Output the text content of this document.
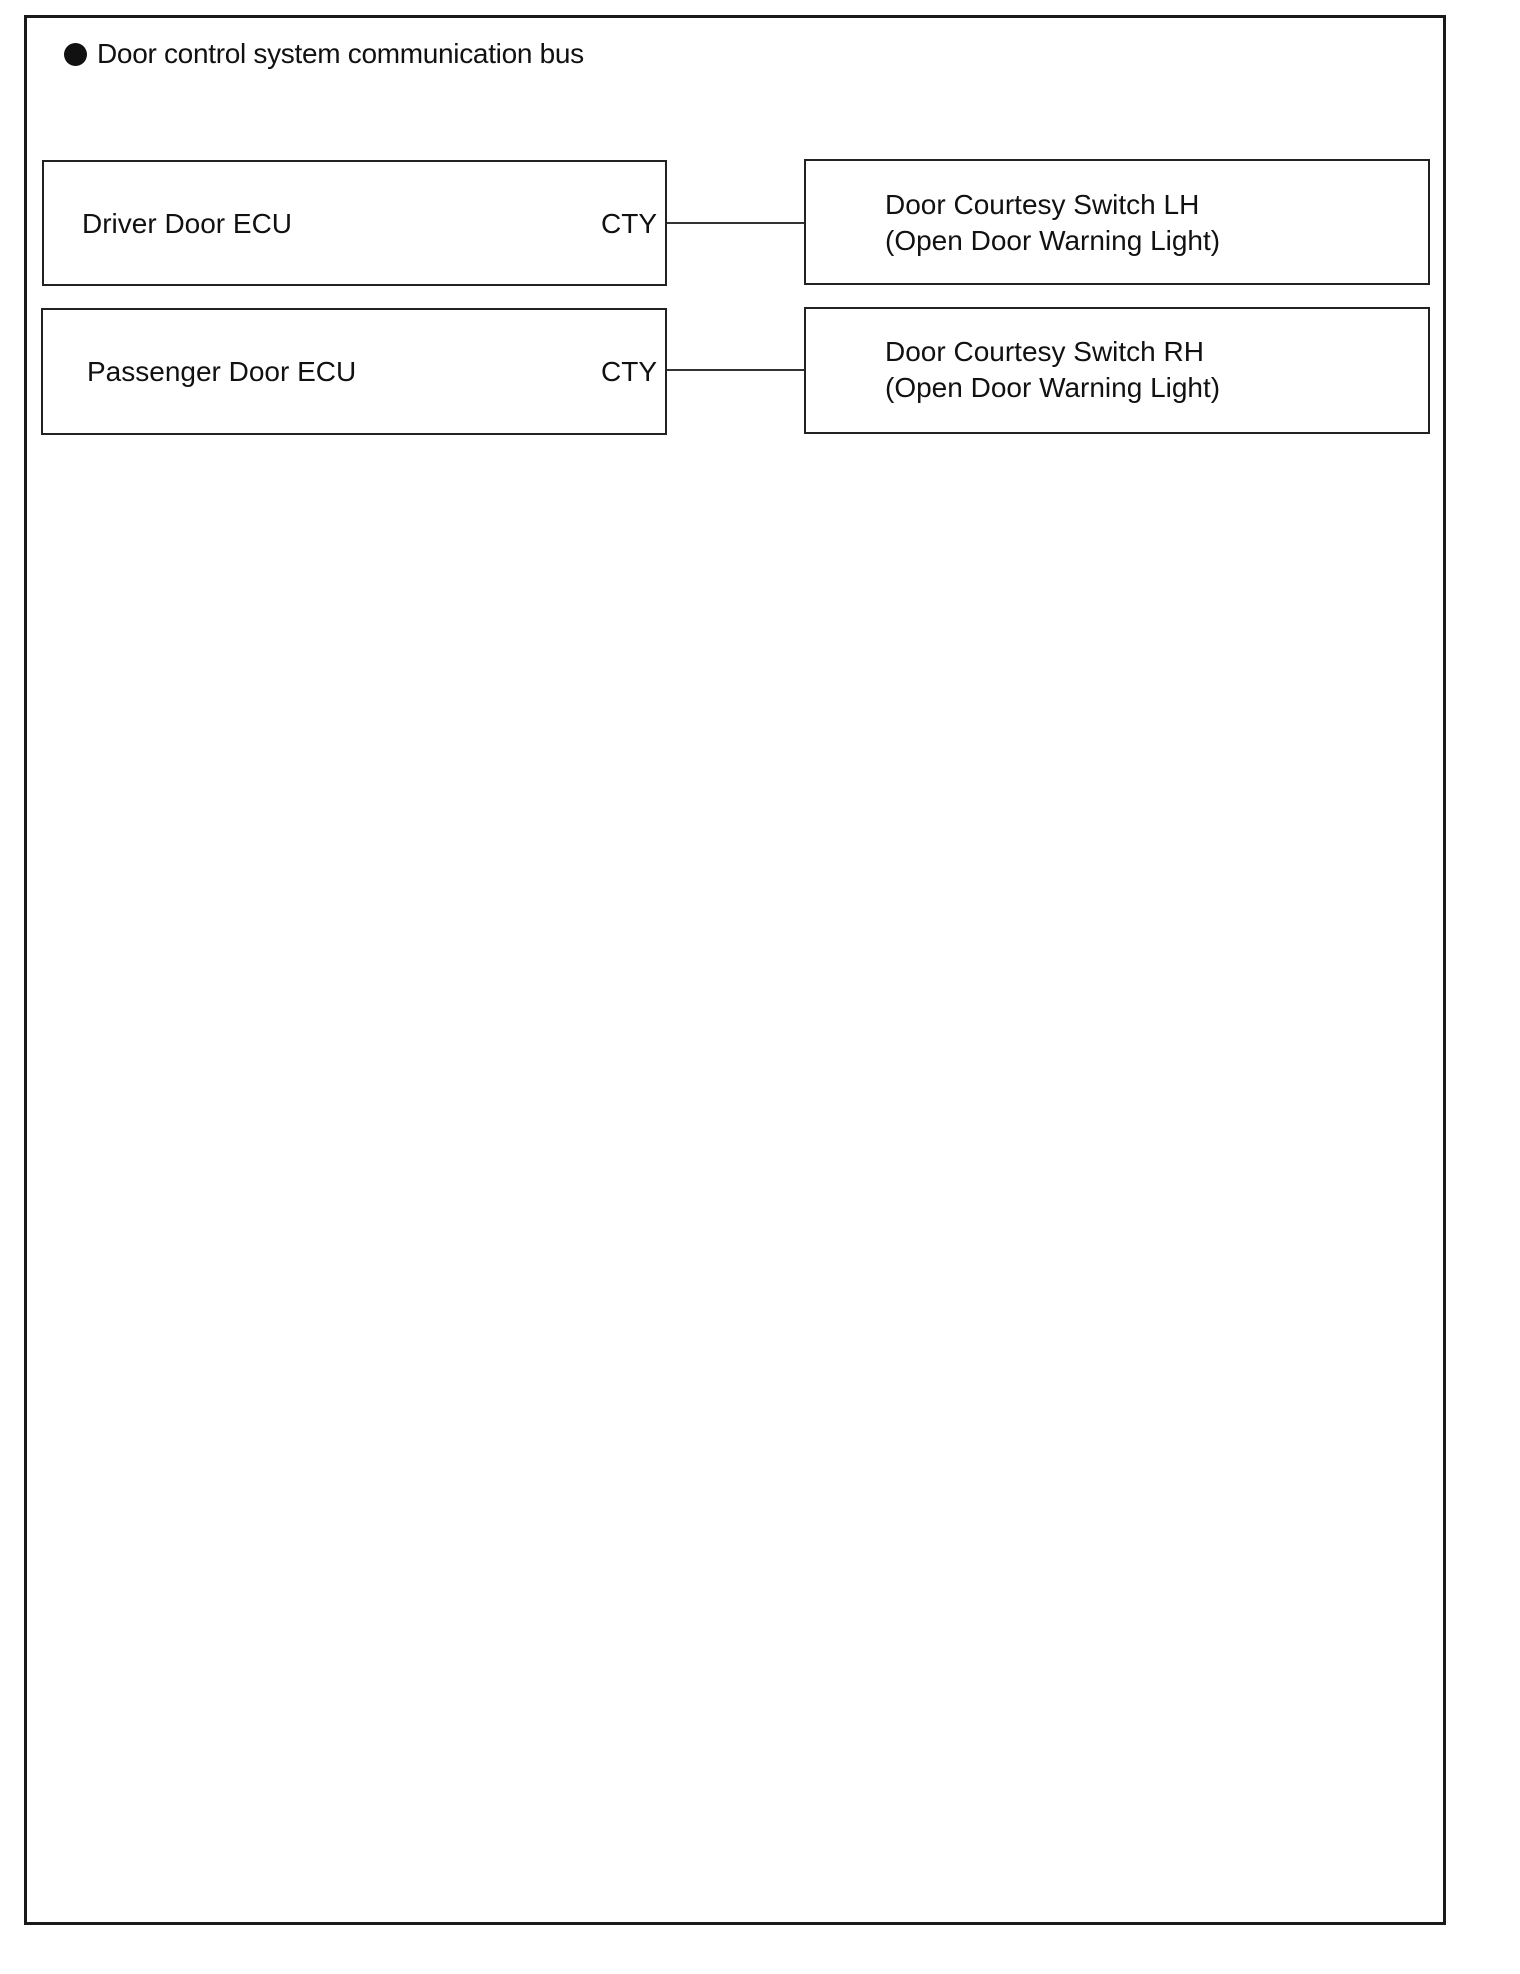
Door control system communication bus
Driver Door ECU	CTY
Door Courtesy Switch LH
(Open Door Warning Light)
Passenger Door ECU	CTY
Door Courtesy Switch RH
(Open Door Warning Light)
